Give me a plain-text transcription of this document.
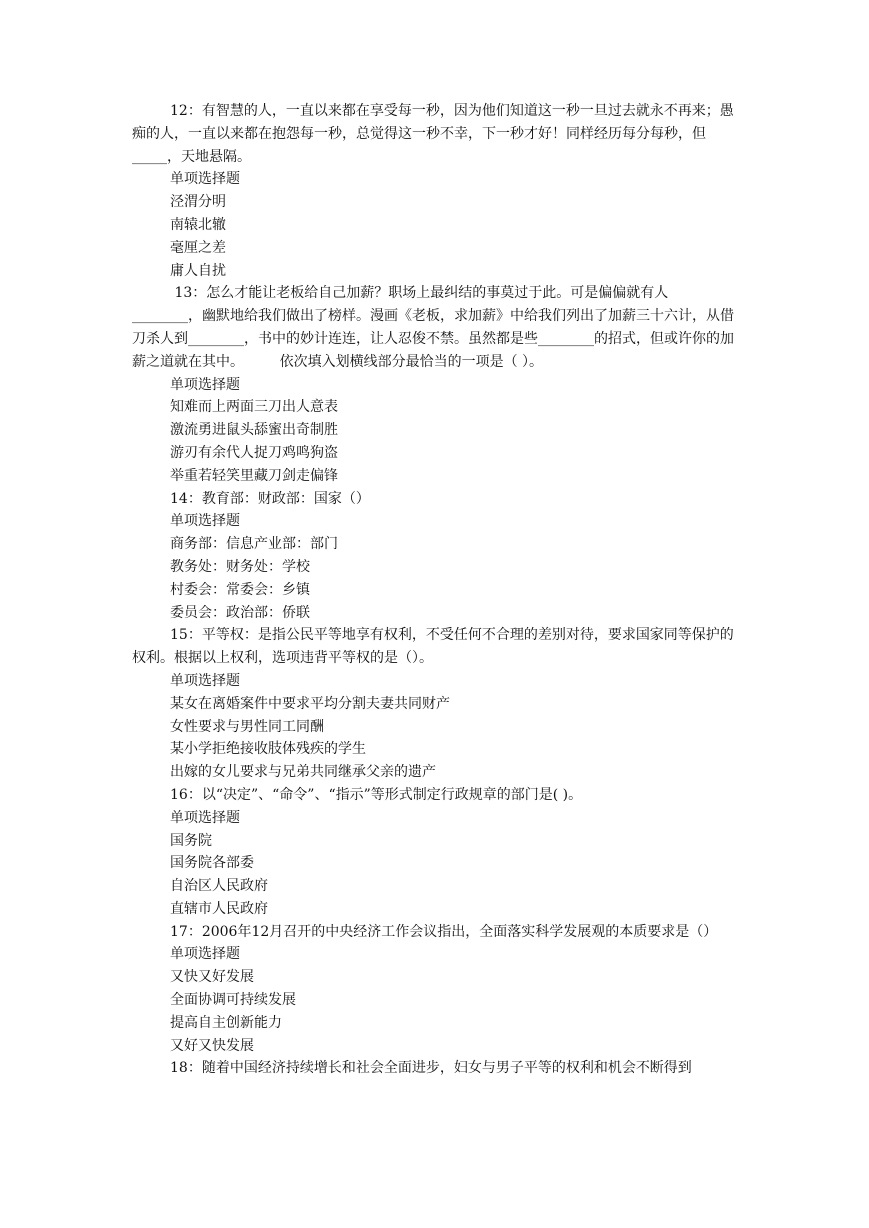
12：有智慧的人，一直以来都在享受每一秒，因为他们知道这一秒一旦过去就永不再来；愚痴的人，一直以来都在抱怨每一秒，总觉得这一秒不幸，下一秒才好！同样经历每分每秒，但_____，天地悬隔。

单项选择题

泾渭分明

南辕北辙

毫厘之差

庸人自扰

13：怎么才能让老板给自己加薪？职场上最纠结的事莫过于此。可是偏偏就有人________，幽默地给我们做出了榜样。漫画《老板，求加薪》中给我们列出了加薪三十六计，从借刀杀人到________，书中的妙计连连，让人忍俊不禁。虽然都是些________的招式，但或许你的加薪之道就在其中。        依次填入划横线部分最恰当的一项是（ ）。

单项选择题

知难而上两面三刀出人意表

激流勇进鼠头舔蜜出奇制胜

游刃有余代人捉刀鸡鸣狗盗

举重若轻笑里藏刀剑走偏锋

14：教育部：财政部：国家（）

单项选择题

商务部：信息产业部：部门

教务处：财务处：学校

村委会：常委会：乡镇

委员会：政治部：侨联

15：平等权：是指公民平等地享有权利，不受任何不合理的差别对待，要求国家同等保护的权利。根据以上权利，选项违背平等权的是（）。

单项选择题

某女在离婚案件中要求平均分割夫妻共同财产

女性要求与男性同工同酬

某小学拒绝接收肢体残疾的学生

出嫁的女儿要求与兄弟共同继承父亲的遗产

16：以“决定”、“命令”、“指示”等形式制定行政规章的部门是( )。

单项选择题

国务院

国务院各部委

自治区人民政府

直辖市人民政府

17：2006年12月召开的中央经济工作会议指出，全面落实科学发展观的本质要求是（）

单项选择题

又快又好发展

全面协调可持续发展

提高自主创新能力

又好又快发展

18：随着中国经济持续增长和社会全面进步，妇女与男子平等的权利和机会不断得到
